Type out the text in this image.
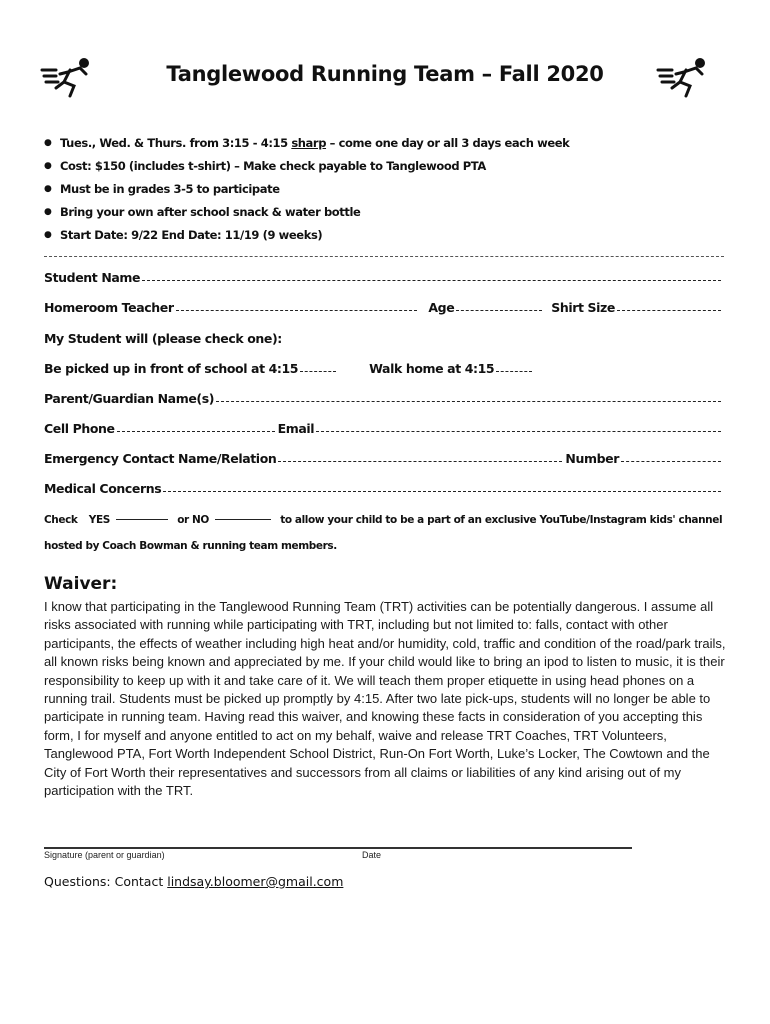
Tanglewood Running Team – Fall 2020
● Tues., Wed. & Thurs. from 3:15 - 4:15 sharp – come one day or all 3 days each week
● Cost: $150 (includes t-shirt) – Make check payable to Tanglewood PTA
● Must be in grades 3-5 to participate
● Bring your own after school snack & water bottle
● Start Date: 9/22 End Date: 11/19 (9 weeks)
Student Name
Homeroom Teacher	Age	Shirt Size
My Student will (please check one):
Be picked up in front of school at 4:15	Walk home at 4:15
Parent/Guardian Name(s)
Cell Phone	Email
Emergency Contact Name/Relation	Number
Medical Concerns
Check YES	or NO	to allow your child to be a part of an exclusive YouTube/Instagram kids' channel
hosted by Coach Bowman & running team members.
Waiver:

I know that participating in the Tanglewood Running Team (TRT) activities can be potentially dangerous. I assume all risks associated with running while participating with TRT, including but not limited to: falls, contact with other participants, the effects of weather including high heat and/or humidity, cold, traffic and condition of the road/park trails, all known risks being known and appreciated by me. If your child would like to bring an ipod to listen to music, it is their responsibility to keep up with it and take care of it. We will teach them proper etiquette in using head phones on a running trail. Students must be picked up promptly by 4:15. After two late pick-ups, students will no longer be able to participate in running team. Having read this waiver, and knowing these facts in consideration of you accepting this form, I for myself and anyone entitled to act on my behalf, waive and release TRT Coaches, TRT Volunteers, Tanglewood PTA, Fort Worth Independent School District, Run-On Fort Worth, Luke’s Locker, The Cowtown and the City of Fort Worth their representatives and successors from all claims or liabilities of any kind arising out of my participation with the TRT.

Signature (parent or guardian)	Date
Questions: Contact lindsay.bloomer@gmail.com
